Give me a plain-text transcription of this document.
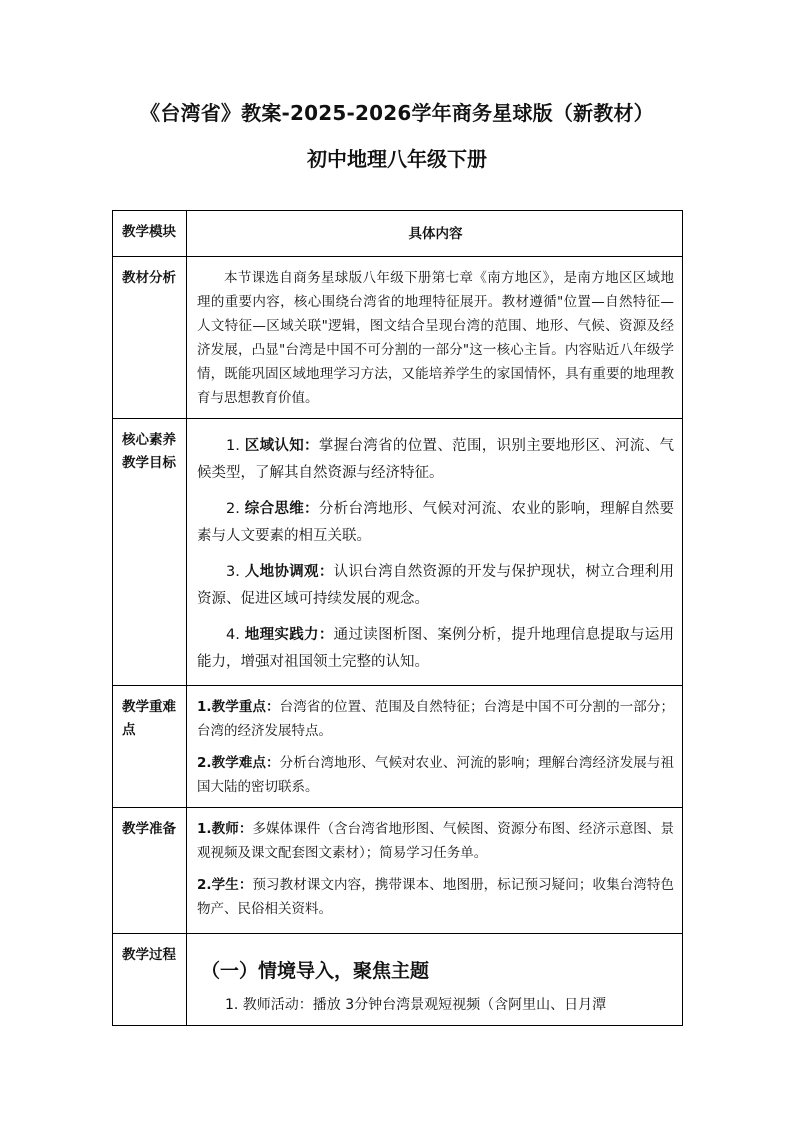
《台湾省》教案-2025-2026学年商务星球版（新教材）
初中地理八年级下册
教学模块	具体内容
教材分析	本节课选自商务星球版八年级下册第七章《南方地区》，是南方地区区域地理的重要内容，核心围绕台湾省的地理特征展开。教材遵循"位置—自然特征—人文特征—区域关联"逻辑，图文结合呈现台湾的范围、地形、气候、资源及经济发展，凸显"台湾是中国不可分割的一部分"这一核心主旨。内容贴近八年级学情，既能巩固区域地理学习方法，又能培养学生的家国情怀，具有重要的地理教育与思想教育价值。

核心素养教学目标	1. 区域认知：掌握台湾省的位置、范围，识别主要地形区、河流、气候类型，了解其自然资源与经济特征。

2. 综合思维：分析台湾地形、气候对河流、农业的影响，理解自然要素与人文要素的相互关联。

3. 人地协调观：认识台湾自然资源的开发与保护现状，树立合理利用资源、促进区域可持续发展的观念。

4. 地理实践力：通过读图析图、案例分析，提升地理信息提取与运用能力，增强对祖国领土完整的认知。

教学重难点	1.教学重点：台湾省的位置、范围及自然特征；台湾是中国不可分割的一部分；台湾的经济发展特点。

2.教学难点：分析台湾地形、气候对农业、河流的影响；理解台湾经济发展与祖国大陆的密切联系。

教学准备	1.教师：多媒体课件（含台湾省地形图、气候图、资源分布图、经济示意图、景观视频及课文配套图文素材）；简易学习任务单。

2.学生：预习教材课文内容，携带课本、地图册，标记预习疑问；收集台湾特色物产、民俗相关资料。

教学过程	（一）情境导入，聚焦主题

1. 教师活动：播放 3分钟台湾景观短视频（含阿里山、日月潭
